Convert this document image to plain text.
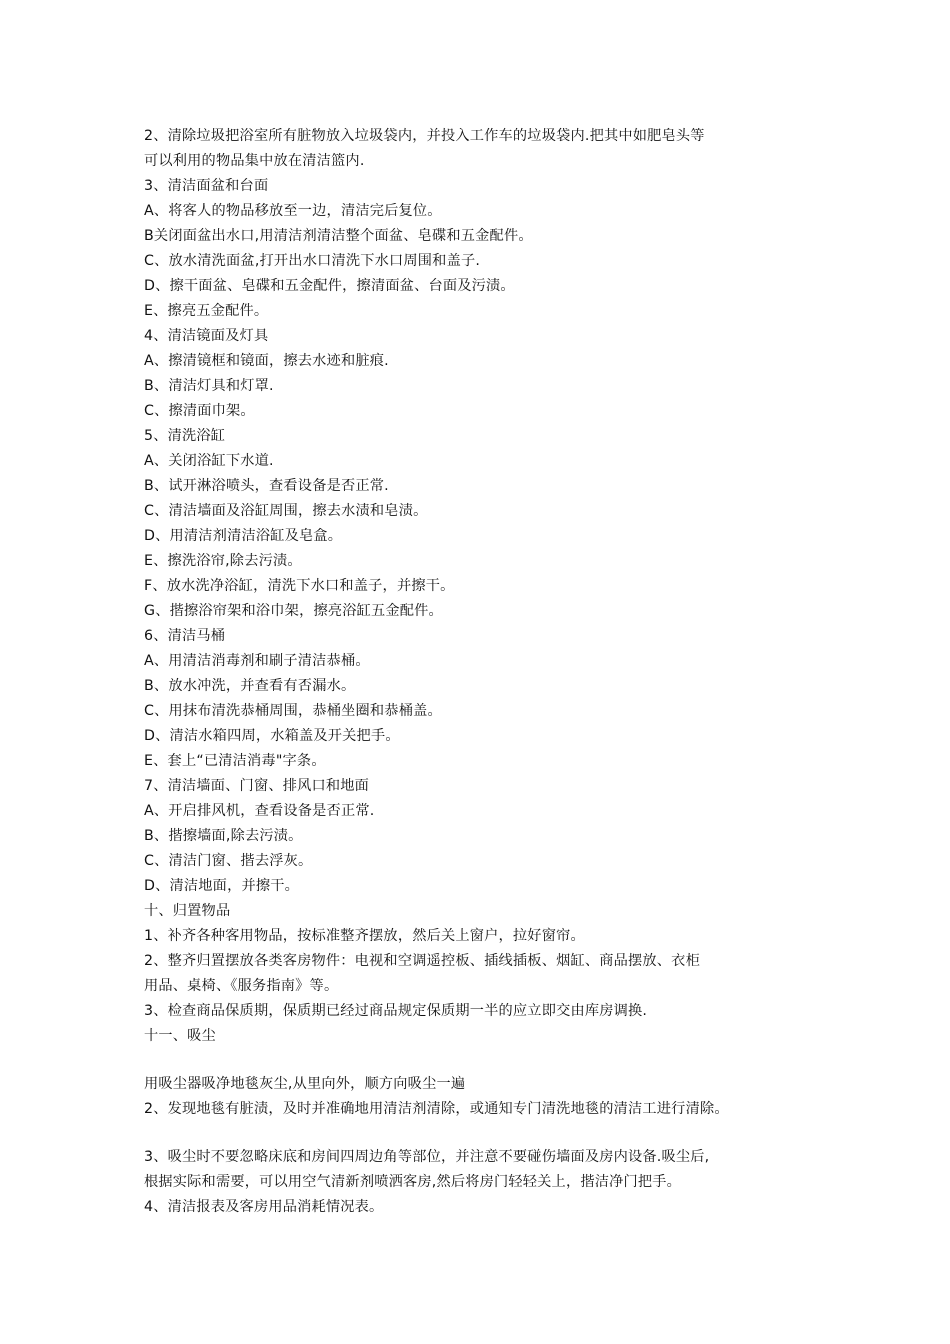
2、清除垃圾把浴室所有脏物放入垃圾袋内，并投入工作车的垃圾袋内.把其中如肥皂头等
可以利用的物品集中放在清洁篮内.
3、清洁面盆和台面
A、将客人的物品移放至一边，清洁完后复位。
B关闭面盆出水口,用清洁剂清洁整个面盆、皂碟和五金配件。
C、放水清洗面盆,打开出水口清洗下水口周围和盖子.
D、擦干面盆、皂碟和五金配件，擦清面盆、台面及污渍。
E、擦亮五金配件。
4、清洁镜面及灯具
A、擦清镜框和镜面，擦去水迹和脏痕.
B、清洁灯具和灯罩.
C、擦清面巾架。
5、清洗浴缸
A、关闭浴缸下水道.
B、试开淋浴喷头，查看设备是否正常.
C、清洁墙面及浴缸周围，擦去水渍和皂渍。
D、用清洁剂清洁浴缸及皂盒。
E、擦洗浴帘,除去污渍。
F、放水洗净浴缸，清洗下水口和盖子，并擦干。
G、揩擦浴帘架和浴巾架，擦亮浴缸五金配件。
6、清洁马桶
A、用清洁消毒剂和刷子清洁恭桶。
B、放水冲洗，并查看有否漏水。
C、用抹布清洗恭桶周围，恭桶坐圈和恭桶盖。
D、清洁水箱四周，水箱盖及开关把手。
E、套上“已清洁消毒"字条。
7、清洁墙面、门窗、排风口和地面
A、开启排风机，查看设备是否正常.
B、揩擦墙面,除去污渍。
C、清洁门窗、揩去浮灰。
D、清洁地面，并擦干。
十、归置物品
1、补齐各种客用物品，按标准整齐摆放，然后关上窗户，拉好窗帘。
2、整齐归置摆放各类客房物件：电视和空调遥控板、插线插板、烟缸、商品摆放、衣柜
用品、桌椅、《服务指南》等。
3、检查商品保质期，保质期已经过商品规定保质期一半的应立即交由库房调换.
十一、吸尘
用吸尘器吸净地毯灰尘,从里向外，顺方向吸尘一遍
2、发现地毯有脏渍，及时并准确地用清洁剂清除，或通知专门清洗地毯的清洁工进行清除。
3、吸尘时不要忽略床底和房间四周边角等部位，并注意不要碰伤墙面及房内设备.吸尘后,
根据实际和需要，可以用空气清新剂喷洒客房,然后将房门轻轻关上，揩洁净门把手。
4、清洁报表及客房用品消耗情况表。
